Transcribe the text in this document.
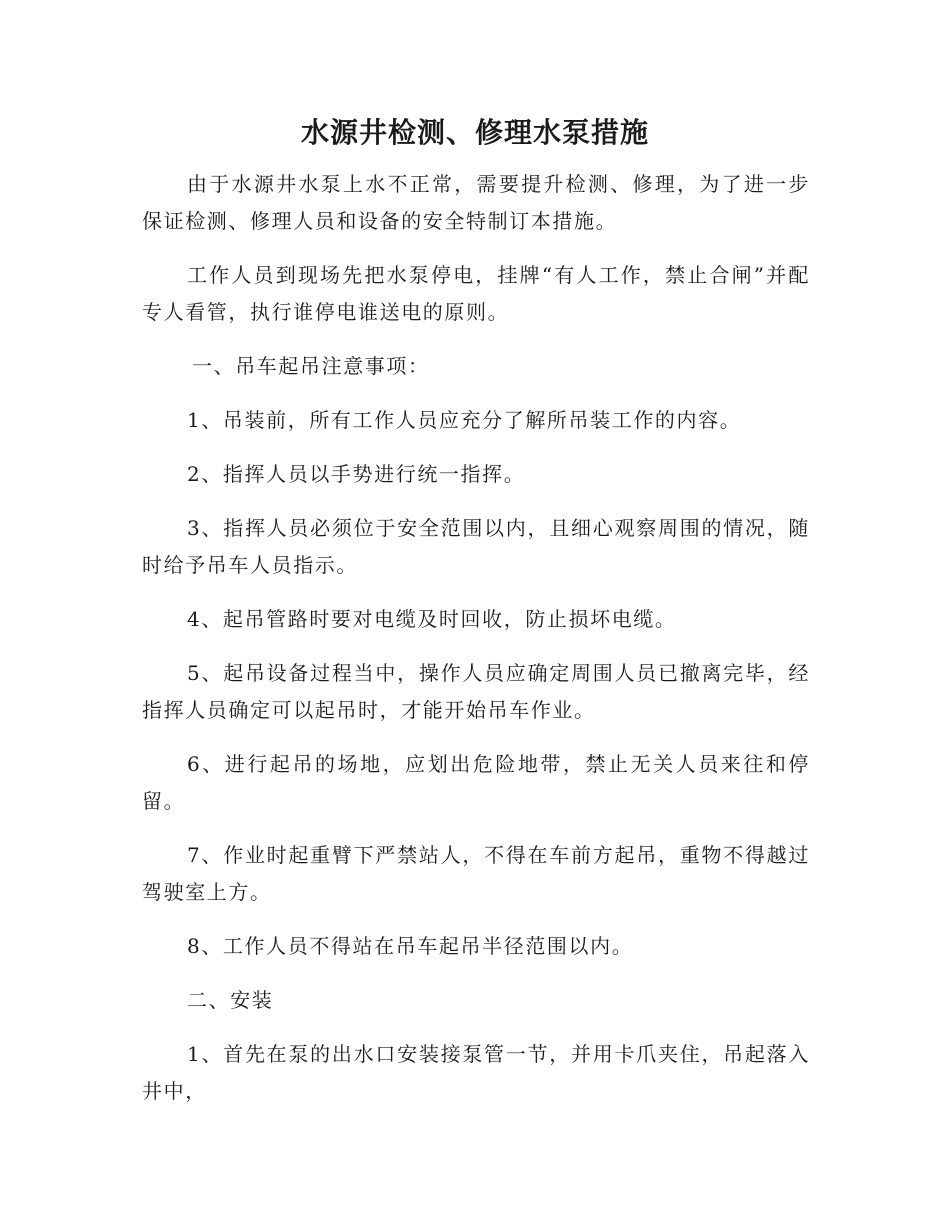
水源井检测、修理水泵措施

由于水源井水泵上水不正常，需要提升检测、修理，为了进一步保证检测、修理人员和设备的安全特制订本措施。

工作人员到现场先把水泵停电，挂牌“有人工作，禁止合闸”并配专人看管，执行谁停电谁送电的原则。

一、吊车起吊注意事项：

1、吊装前，所有工作人员应充分了解所吊装工作的内容。

2、指挥人员以手势进行统一指挥。

3、指挥人员必须位于安全范围以内，且细心观察周围的情况，随时给予吊车人员指示。

4、起吊管路时要对电缆及时回收，防止损坏电缆。

5、起吊设备过程当中，操作人员应确定周围人员已撤离完毕，经指挥人员确定可以起吊时，才能开始吊车作业。

6、进行起吊的场地，应划出危险地带，禁止无关人员来往和停留。

7、作业时起重臂下严禁站人，不得在车前方起吊，重物不得越过驾驶室上方。

8、工作人员不得站在吊车起吊半径范围以内。

二、安装

1、首先在泵的出水口安装接泵管一节，并用卡爪夹住，吊起落入井中，
